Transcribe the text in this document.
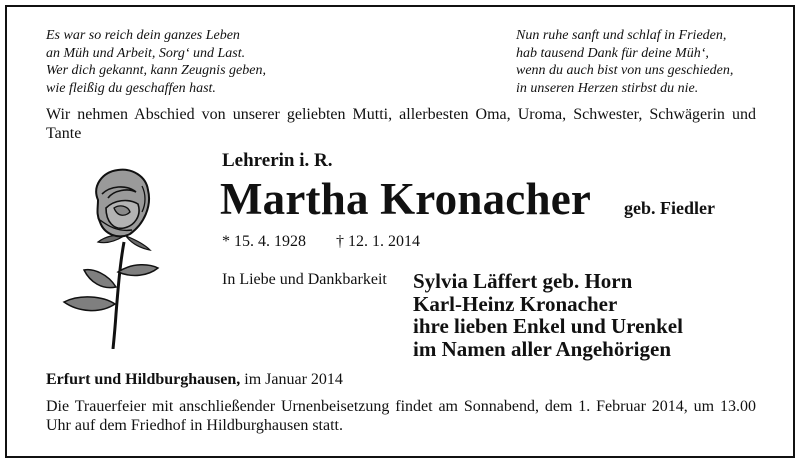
Es war so reich dein ganzes Leben
an Müh und Arbeit, Sorg‘ und Last.
Wer dich gekannt, kann Zeugnis geben,
wie fleißig du geschaffen hast.
Nun ruhe sanft und schlaf in Frieden,
hab tausend Dank für deine Müh‘,
wenn du auch bist von uns geschieden,
in unseren Herzen stirbst du nie.
Wir nehmen Abschied von unserer geliebten Mutti, allerbesten Oma, Uroma, Schwester, Schwägerin und Tante
Lehrerin i. R.
Martha Kronacher geb. Fiedler
* 15. 4. 1928 † 12. 1. 2014
In Liebe und Dankbarkeit Sylvia Läffert geb. Horn
Karl-Heinz Kronacher
ihre lieben Enkel und Urenkel
im Namen aller Angehörigen
Erfurt und Hildburghausen, im Januar 2014
Die Trauerfeier mit anschließender Urnenbeisetzung findet am Sonnabend, dem 1. Februar 2014, um 13.00 Uhr auf dem Friedhof in Hildburghausen statt.
